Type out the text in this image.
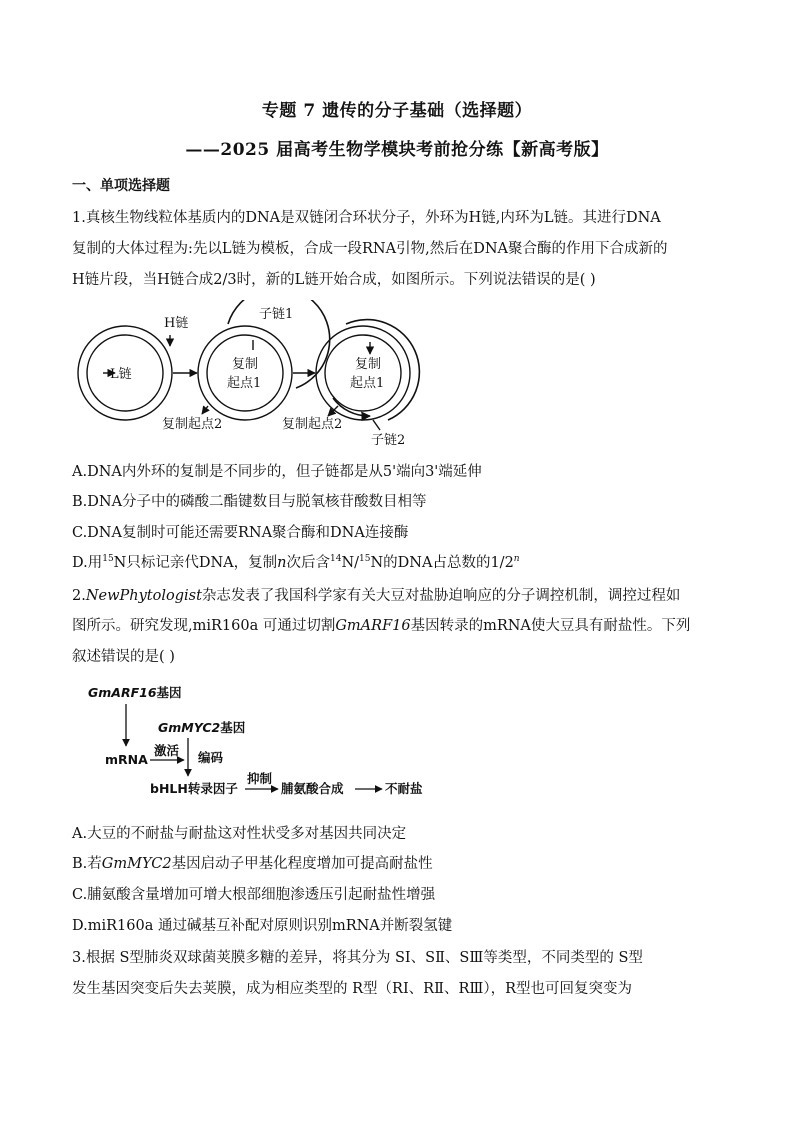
专题 7 遗传的分子基础（选择题）
——2025 届高考生物学模块考前抢分练【新高考版】
一、单项选择题
1.真核生物线粒体基质内的DNA是双链闭合环状分子，外环为H链,内环为L链。其进行DNA
复制的大体过程为:先以L链为模板，合成一段RNA引物,然后在DNA聚合酶的作用下合成新的
H链片段，当H链合成2/3时，新的L链开始合成，如图所示。下列说法错误的是( )
L链
H链
复制
起点1
复制
起点1
复制起点2	复制起点2
子链1
子链2
A.DNA内外环的复制是不同步的，但子链都是从5'端向3'端延伸
B.DNA分子中的磷酸二酯键数目与脱氧核苷酸数目相等
C.DNA复制时可能还需要RNA聚合酶和DNA连接酶
D.用$^{15}$N只标记亲代DNA，复制n次后含$^{14}$N/$^{15}$N的DNA占总数的1/2$^n$
2.NewPhytologist杂志发表了我国科学家有关大豆对盐胁迫响应的分子调控机制，调控过程如
图所示。研究发现,miR160a 可通过切割GmARF16基因转录的mRNA使大豆具有耐盐性。下列
叙述错误的是( )
GmARF16基因
GmMYC2基因
mRNA
激活 编码
bHLH转录因子
抑制
脯氨酸合成	不耐盐
A.大豆的不耐盐与耐盐这对性状受多对基因共同决定
B.若GmMYC2基因启动子甲基化程度增加可提高耐盐性
C.脯氨酸含量增加可增大根部细胞渗透压引起耐盐性增强
D.miR160a 通过碱基互补配对原则识别mRNA并断裂氢键
3.根据 S型肺炎双球菌荚膜多糖的差异，将其分为 SⅠ、SⅡ、SⅢ等类型，不同类型的 S型
发生基因突变后失去荚膜，成为相应类型的 R型（RⅠ、RⅡ、RⅢ），R型也可回复突变为
